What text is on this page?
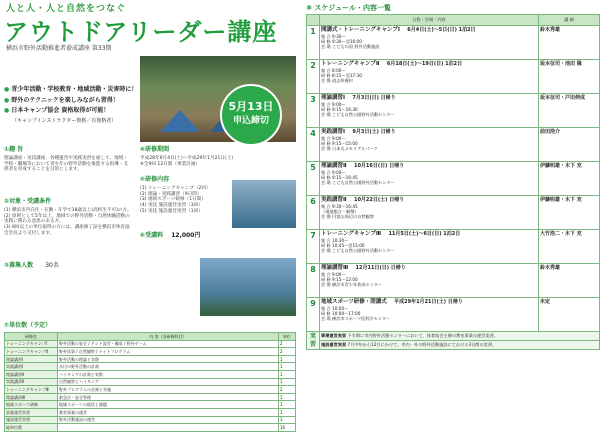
人と人・人と自然をつなぐ
アウトドアリーダー講座
横浜市野外活動推進者養成講座 第33期
● 青少年活動・学校教育・地域活動・災害時に！
● 野外のテクニックを楽しみながら習得！
● 日本キャンプ協会 資格取得が可能！
（キャンプインストラクター資格／有資格者）
5月13日
申込締切
①趣 旨
理論講座・実技講座、各種運営や実践実習を通して、地域・学校・職場等において青少年の野外活動を推進する指導・支援者を育成することを目的とします。
②対象・受講条件
(1) 横浜市内在住・在勤・在学で18歳以上(高校生不可)の方。
(2) 原則として5年以上、地域での野外活動・自然体験活動の実践に関わる意思のある方。
(3) 8回以上の単位取得の方には、講座修了証を横浜市体育協会会長より交付します。
③募集人数 30名
④研修期間
平成28年6月4日(土)～平成29年1月21日(土)
※全9回 12日間（事業計画）
⑤研修内容
(1) トレーニングキャンプ（2回）
(2) 理論・実践講習（9日間）
(3) 地域スポーツ研修（1日間）
(4) 実技 施設運営実習（3回）
(5) 実技 施設運営実習（1回）
⑥受講料 12,000円
⑦単位数（予定）
研修会	内 容（各研修科目）	単位
トレーニングキャンプⅠ	野外活動の安全 / テント設営・撤収 / 野外ゲーム	2
トレーニングキャンプⅡ	野外炊事 / 自然観察 / ナイトプログラム	2
理論講習Ⅰ	野外活動の理論と実際	1
実践講習Ⅰ	水辺の野外活動の計画	1
理論講習Ⅱ	ハイキングの計画と実際	1
実践講習Ⅱ	自然観察とハイキング	1
トレーニングキャンプⅢ	野外プログラムの企画と実施	2
理論講習Ⅲ	救急法・安全管理	1
地域スポーツ研修	地域スポーツの現状と課題	1
事業運営実習	教室事業の運営	1
施設運営実習	野外活動施設の運営	3
総単位数		16
⑧ スケジュール・内容一覧
	日程・会場・内容	講 師
1	開講式・トレーニングキャンプⅠ 6月4日(土)～5日(日) 1泊2日
集 合 9:30〜
研 修 9:30〜翌16:00
会 場 こどもの国 野外活動施設	鈴木秀雄
2	トレーニングキャンプⅡ 6月18日(土)～19日(日) 1泊2日
集 合 8:00〜
研 修 8:15〜翌17:30
会 場 道志休養村	坂本征司・池田 隆
3	理論講習Ⅰ 7月3日(日) 日帰り
集 合 9:00〜
研 修 9:15〜16:30
会 場 こども自然公園野外活動センター	坂本征司・戸田伸成
4	実践講習Ⅰ 9月3日(土) 日帰り
集 合 9:00〜
研 修 9:15〜15:00
会 場 日本丸メモリアルパーク	前田浩介
5	理論講習Ⅱ 10月16日(日) 日帰り
集 合 9:00〜
研 修 9:15〜16:45
会 場 こども自然公園野外活動センター	伊藤明雄・木下 充
6	実践講習Ⅱ 10月22日(土) 日帰り
集 合 9:30〜16:45
（現地集合・解散）
会 場 円覚山周辺の自然観察	伊藤明雄・木下 充
7	トレーニングキャンプⅢ 11月5日(土)～6日(日) 1泊2日
集 合 10:30〜
研 修 10:45〜翌15:00
会 場 こども自然公園野外活動センター	大竹浩二・木下 充
8	理論講習Ⅲ 12月11日(日) 日帰り
集 合 9:00〜
研 修 9:15〜12:00
会 場 横浜市青少年育成センター	鈴木秀雄
9	地域スポーツ研修・閉講式 平成29年1月21日(土) 日帰り
集 合 10:00〜
研 修 10:00〜17:00
会 場 横浜市スポーツ医科学センター	未定
実習	事業運営実習 下半期に市内野外活動センターにおいて、体育協会主催の教室事業の運営実習。	
	施設運営実習 7月中旬から12月にかけて、市内・外の野外活動施設にておける3日間の実習。	
